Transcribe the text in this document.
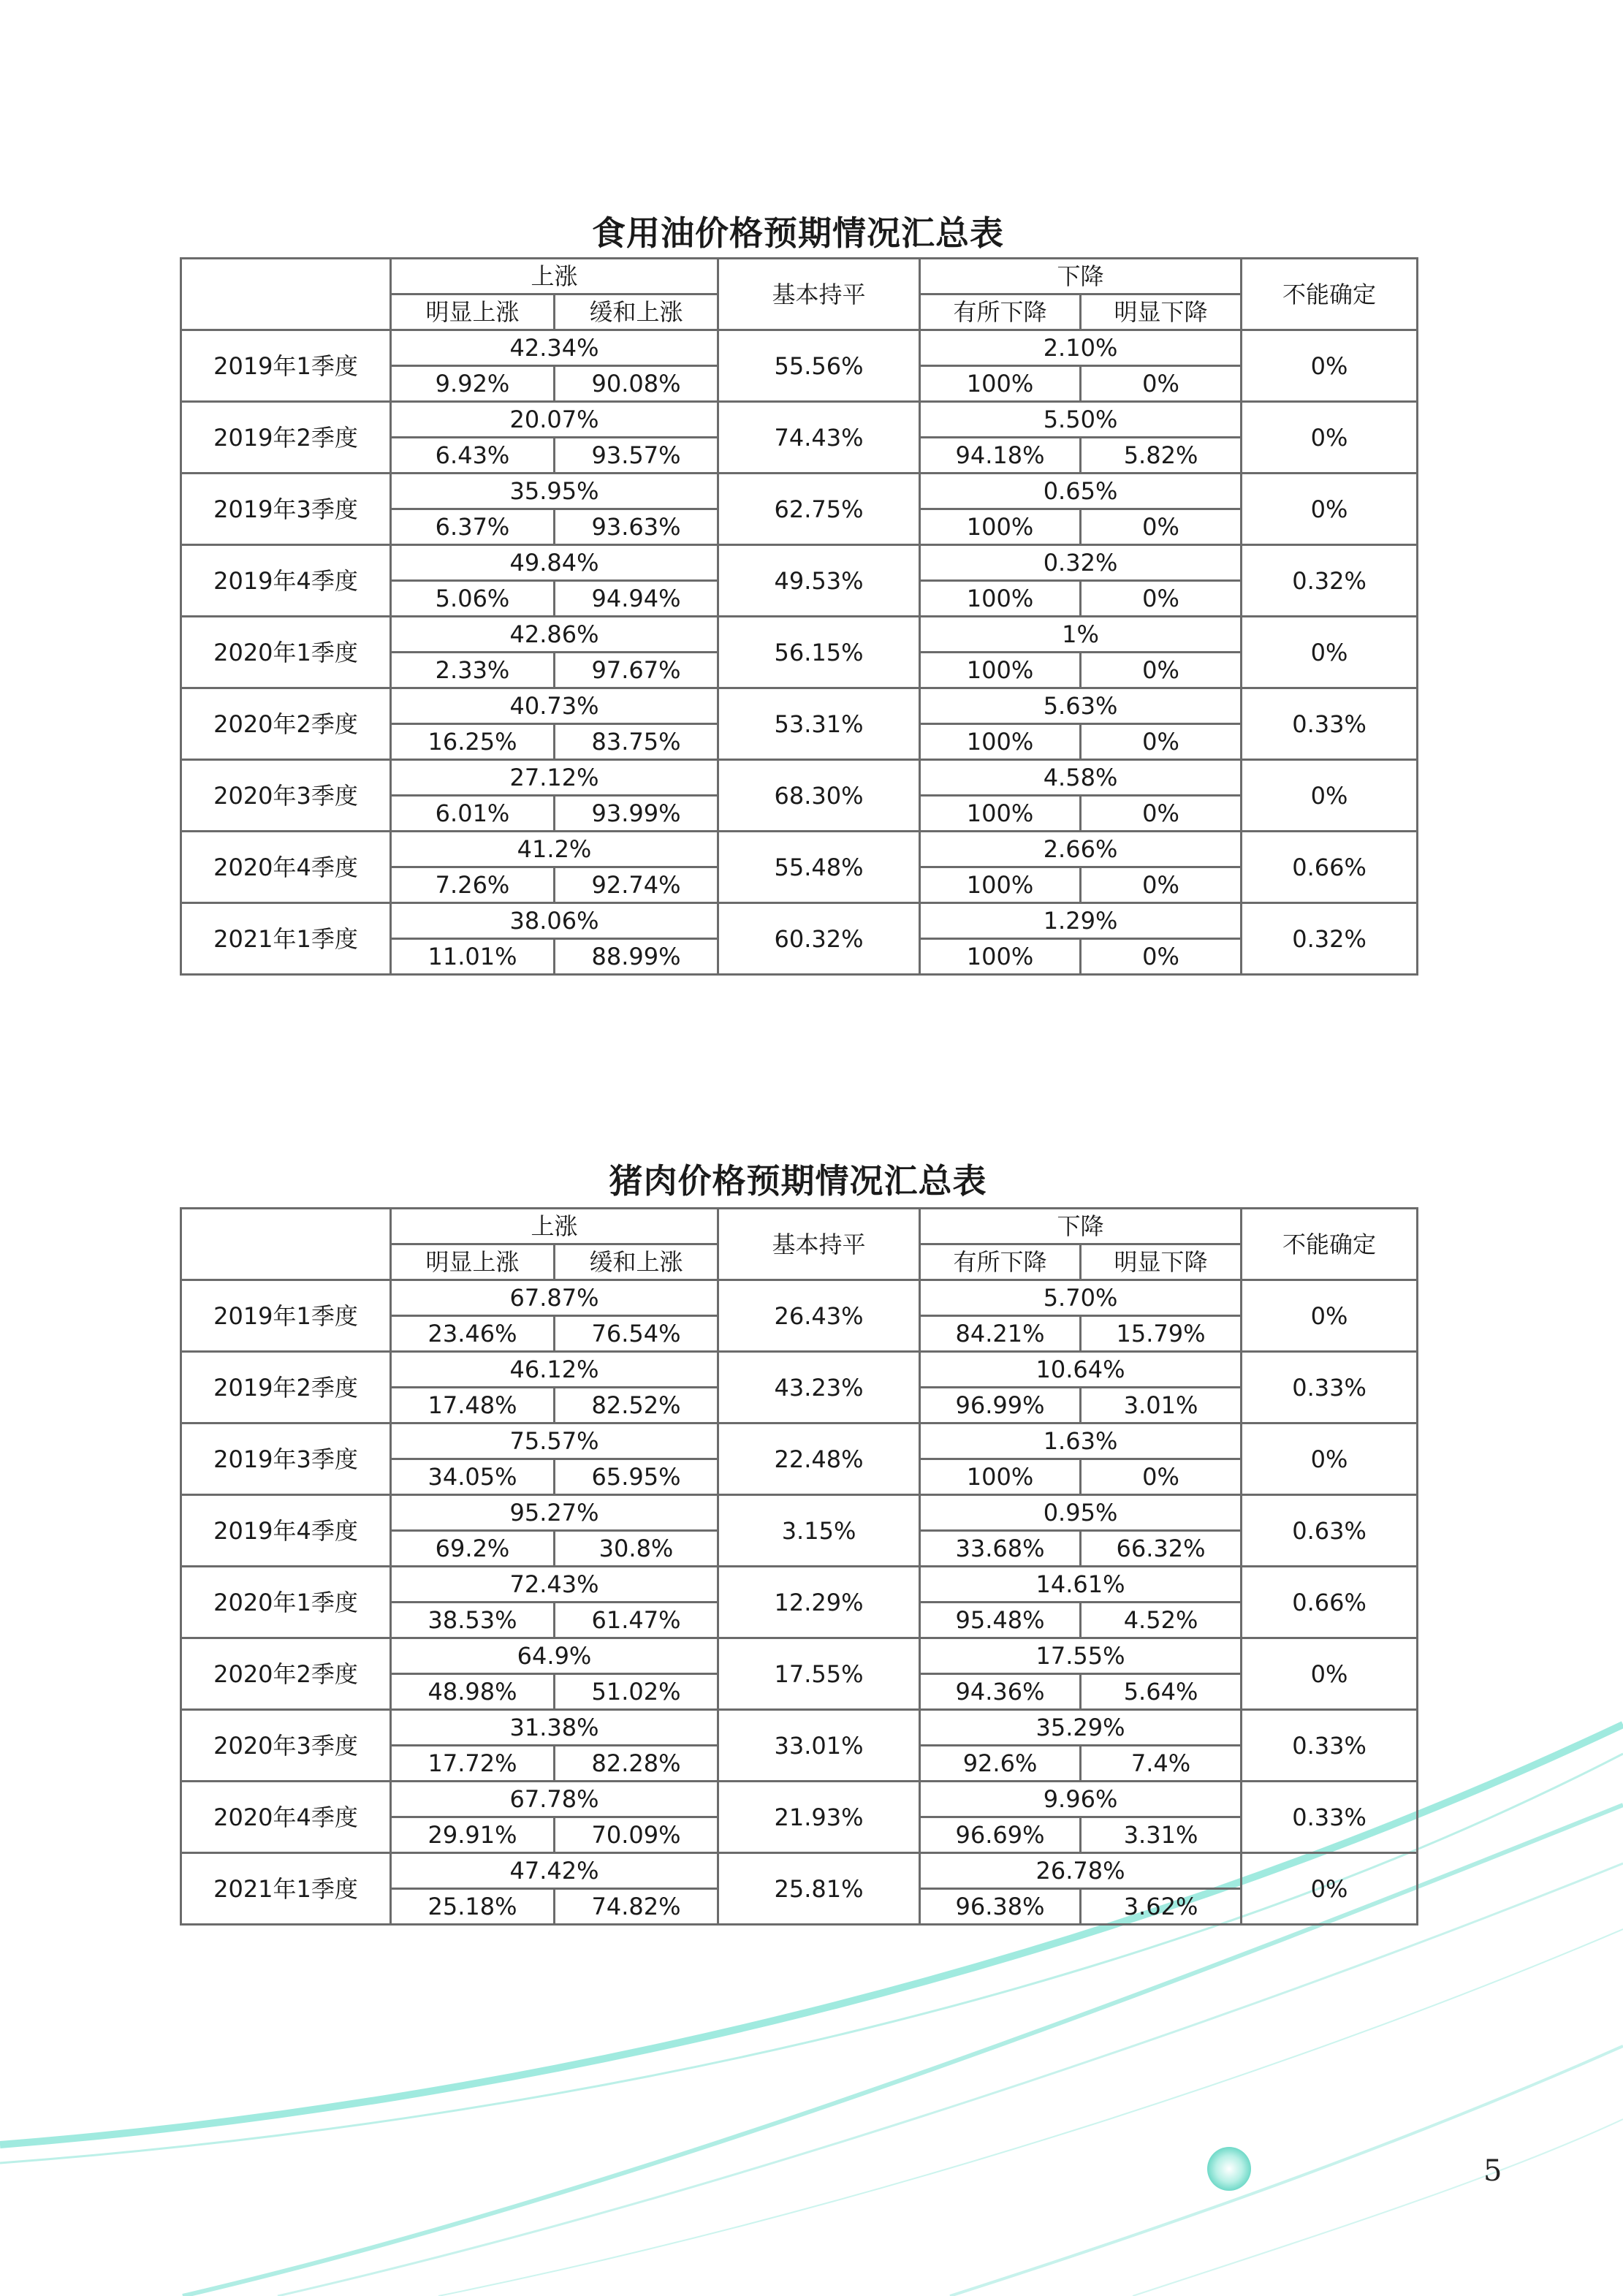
食用油价格预期情况汇总表
	上涨		基本持平	下降		不能确定
	明显上涨	缓和上涨		有所下降	明显下降	
2019年1季度	42.34%		55.56%	2.10%		0%
	9.92%	90.08%		100%	0%	
2019年2季度	20.07%		74.43%	5.50%		0%
	6.43%	93.57%		94.18%	5.82%	
2019年3季度	35.95%		62.75%	0.65%		0%
	6.37%	93.63%		100%	0%	
2019年4季度	49.84%		49.53%	0.32%		0.32%
	5.06%	94.94%		100%	0%	
2020年1季度	42.86%		56.15%	1%		0%
	2.33%	97.67%		100%	0%	
2020年2季度	40.73%		53.31%	5.63%		0.33%
	16.25%	83.75%		100%	0%	
2020年3季度	27.12%		68.30%	4.58%		0%
	6.01%	93.99%		100%	0%	
2020年4季度	41.2%		55.48%	2.66%		0.66%
	7.26%	92.74%		100%	0%	
2021年1季度	38.06%		60.32%	1.29%		0.32%
	11.01%	88.99%		100%	0%	
猪肉价格预期情况汇总表
	上涨		基本持平	下降		不能确定
	明显上涨	缓和上涨		有所下降	明显下降	
2019年1季度	67.87%		26.43%	5.70%		0%
	23.46%	76.54%		84.21%	15.79%	
2019年2季度	46.12%		43.23%	10.64%		0.33%
	17.48%	82.52%		96.99%	3.01%	
2019年3季度	75.57%		22.48%	1.63%		0%
	34.05%	65.95%		100%	0%	
2019年4季度	95.27%		3.15%	0.95%		0.63%
	69.2%	30.8%		33.68%	66.32%	
2020年1季度	72.43%		12.29%	14.61%		0.66%
	38.53%	61.47%		95.48%	4.52%	
2020年2季度	64.9%		17.55%	17.55%		0%
	48.98%	51.02%		94.36%	5.64%	
2020年3季度	31.38%		33.01%	35.29%		0.33%
	17.72%	82.28%		92.6%	7.4%	
2020年4季度	67.78%		21.93%	9.96%		0.33%
	29.91%	70.09%		96.69%	3.31%	
2021年1季度	47.42%		25.81%	26.78%		0%
	25.18%	74.82%		96.38%	3.62%	
5
